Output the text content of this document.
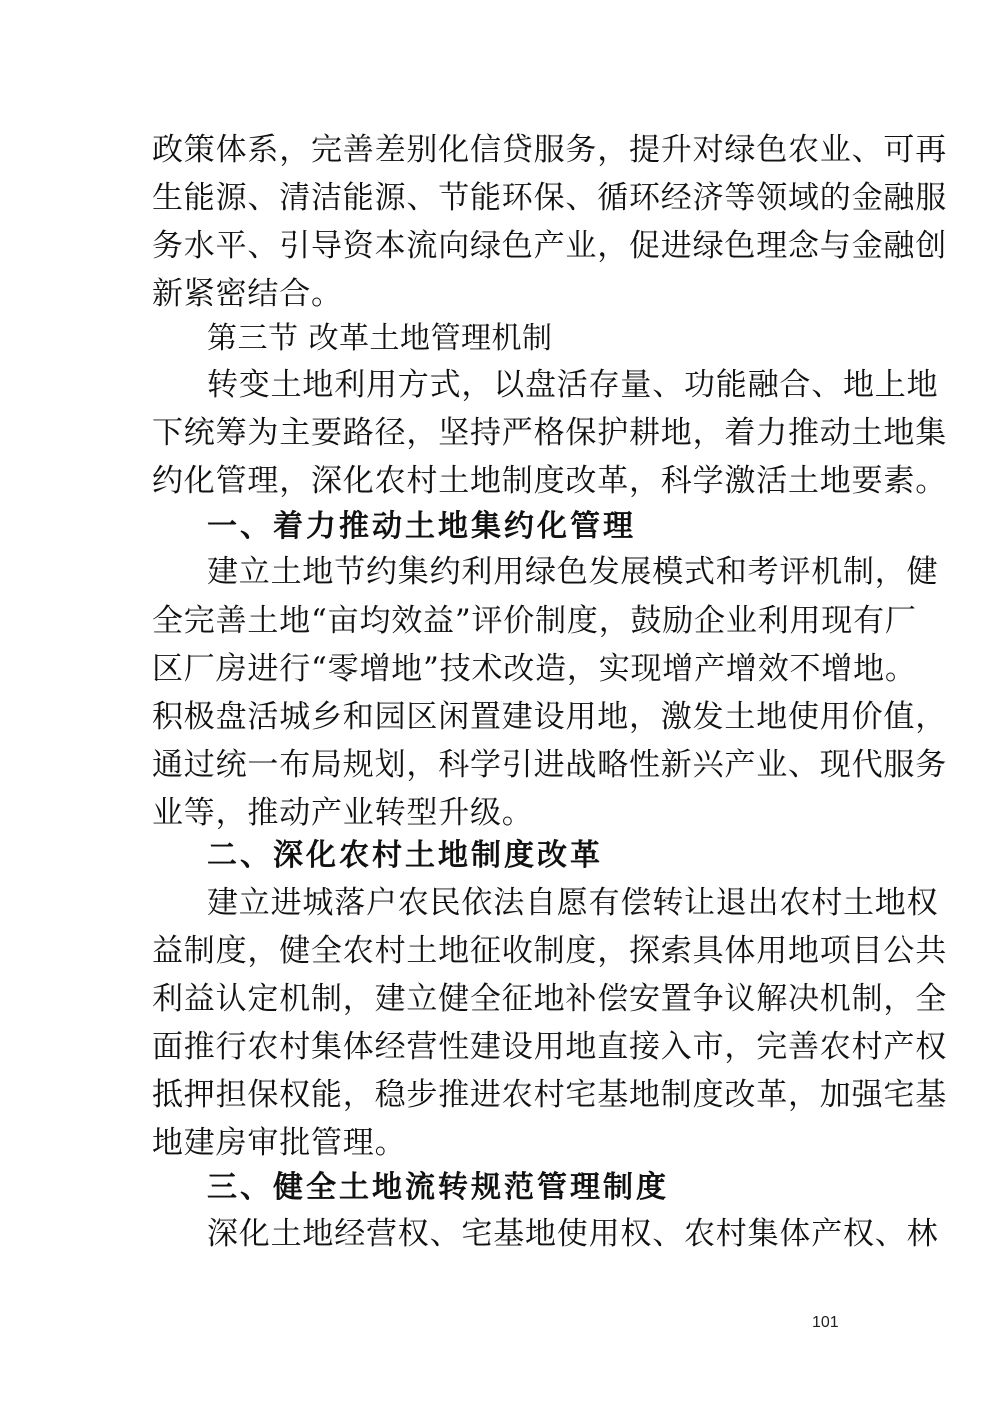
政策体系，完善差别化信贷服务，提升对绿色农业、可再
生能源、清洁能源、节能环保、循环经济等领域的金融服
务水平、引导资本流向绿色产业，促进绿色理念与金融创
新紧密结合。
第三节 改革土地管理机制
转变土地利用方式，以盘活存量、功能融合、地上地
下统筹为主要路径，坚持严格保护耕地，着力推动土地集
约化管理，深化农村土地制度改革，科学激活土地要素。
一、着力推动土地集约化管理
建立土地节约集约利用绿色发展模式和考评机制，健
全完善土地“亩均效益”评价制度，鼓励企业利用现有厂
区厂房进行“零增地”技术改造，实现增产增效不增地。
积极盘活城乡和园区闲置建设用地，激发土地使用价值，
通过统一布局规划，科学引进战略性新兴产业、现代服务
业等，推动产业转型升级。
二、深化农村土地制度改革
建立进城落户农民依法自愿有偿转让退出农村土地权
益制度，健全农村土地征收制度，探索具体用地项目公共
利益认定机制，建立健全征地补偿安置争议解决机制，全
面推行农村集体经营性建设用地直接入市，完善农村产权
抵押担保权能，稳步推进农村宅基地制度改革，加强宅基
地建房审批管理。
三、健全土地流转规范管理制度
深化土地经营权、宅基地使用权、农村集体产权、林
101
